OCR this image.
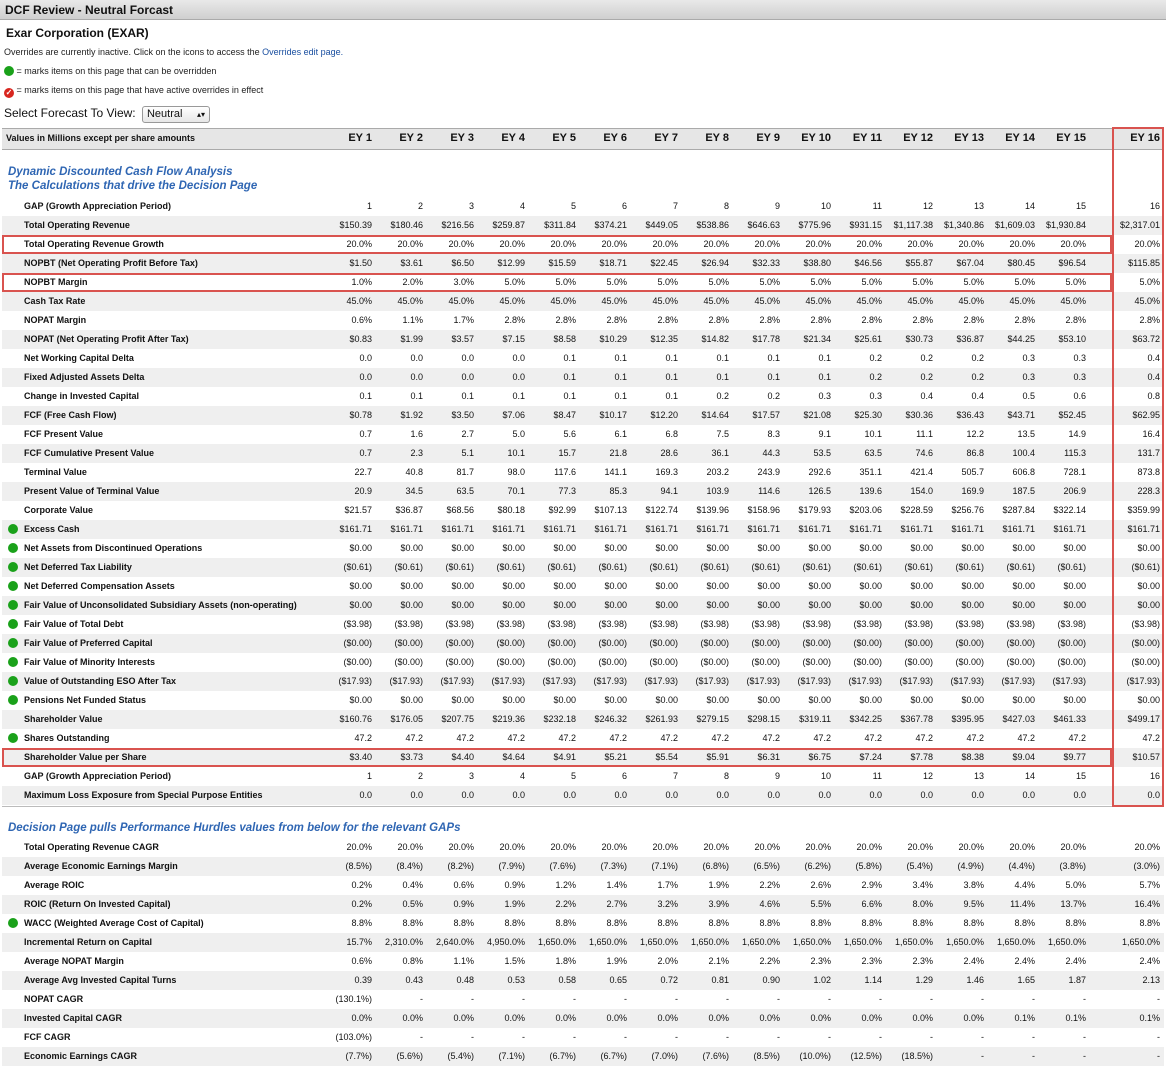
DCF Review - Neutral Forcast
Exar Corporation (EXAR)
Overrides are currently inactive. Click on the icons to access the Overrides edit page.
= marks items on this page that can be overridden
✓ = marks items on this page that have active overrides in effect
Select Forecast To View: Neutral ▴▾
Values in Millions except per share amounts	EY 1	EY 2	EY 3	EY 4	EY 5	EY 6	EY 7	EY 8	EY 9	EY 10	EY 11	EY 12	EY 13	EY 14	EY 15	EY 16
Dynamic Discounted Cash Flow Analysis
The Calculations that drive the Decision Page
Decision Page pulls Performance Hurdles values from below for the relevant GAPs
GAP (Growth Appreciation Period)	1	2	3	4	5	6	7	8	9	10	11	12	13	14	15	16
Total Operating Revenue	$150.39	$180.46	$216.56	$259.87	$311.84	$374.21	$449.05	$538.86	$646.63	$775.96	$931.15	$1,117.38	$1,340.86	$1,609.03	$1,930.84	$2,317.01
Total Operating Revenue Growth	20.0%	20.0%	20.0%	20.0%	20.0%	20.0%	20.0%	20.0%	20.0%	20.0%	20.0%	20.0%	20.0%	20.0%	20.0%	20.0%
NOPBT (Net Operating Profit Before Tax)	$1.50	$3.61	$6.50	$12.99	$15.59	$18.71	$22.45	$26.94	$32.33	$38.80	$46.56	$55.87	$67.04	$80.45	$96.54	$115.85
NOPBT Margin	1.0%	2.0%	3.0%	5.0%	5.0%	5.0%	5.0%	5.0%	5.0%	5.0%	5.0%	5.0%	5.0%	5.0%	5.0%	5.0%
Cash Tax Rate	45.0%	45.0%	45.0%	45.0%	45.0%	45.0%	45.0%	45.0%	45.0%	45.0%	45.0%	45.0%	45.0%	45.0%	45.0%	45.0%
NOPAT Margin	0.6%	1.1%	1.7%	2.8%	2.8%	2.8%	2.8%	2.8%	2.8%	2.8%	2.8%	2.8%	2.8%	2.8%	2.8%	2.8%
NOPAT (Net Operating Profit After Tax)	$0.83	$1.99	$3.57	$7.15	$8.58	$10.29	$12.35	$14.82	$17.78	$21.34	$25.61	$30.73	$36.87	$44.25	$53.10	$63.72
Net Working Capital Delta	0.0	0.0	0.0	0.0	0.1	0.1	0.1	0.1	0.1	0.1	0.2	0.2	0.2	0.3	0.3	0.4
Fixed Adjusted Assets Delta	0.0	0.0	0.0	0.0	0.1	0.1	0.1	0.1	0.1	0.1	0.2	0.2	0.2	0.3	0.3	0.4
Change in Invested Capital	0.1	0.1	0.1	0.1	0.1	0.1	0.1	0.2	0.2	0.3	0.3	0.4	0.4	0.5	0.6	0.8
FCF (Free Cash Flow)	$0.78	$1.92	$3.50	$7.06	$8.47	$10.17	$12.20	$14.64	$17.57	$21.08	$25.30	$30.36	$36.43	$43.71	$52.45	$62.95
FCF Present Value	0.7	1.6	2.7	5.0	5.6	6.1	6.8	7.5	8.3	9.1	10.1	11.1	12.2	13.5	14.9	16.4
FCF Cumulative Present Value	0.7	2.3	5.1	10.1	15.7	21.8	28.6	36.1	44.3	53.5	63.5	74.6	86.8	100.4	115.3	131.7
Terminal Value	22.7	40.8	81.7	98.0	117.6	141.1	169.3	203.2	243.9	292.6	351.1	421.4	505.7	606.8	728.1	873.8
Present Value of Terminal Value	20.9	34.5	63.5	70.1	77.3	85.3	94.1	103.9	114.6	126.5	139.6	154.0	169.9	187.5	206.9	228.3
Corporate Value	$21.57	$36.87	$68.56	$80.18	$92.99	$107.13	$122.74	$139.96	$158.96	$179.93	$203.06	$228.59	$256.76	$287.84	$322.14	$359.99
Excess Cash	$161.71	$161.71	$161.71	$161.71	$161.71	$161.71	$161.71	$161.71	$161.71	$161.71	$161.71	$161.71	$161.71	$161.71	$161.71	$161.71
Net Assets from Discontinued Operations	$0.00	$0.00	$0.00	$0.00	$0.00	$0.00	$0.00	$0.00	$0.00	$0.00	$0.00	$0.00	$0.00	$0.00	$0.00	$0.00
Net Deferred Tax Liability	($0.61)	($0.61)	($0.61)	($0.61)	($0.61)	($0.61)	($0.61)	($0.61)	($0.61)	($0.61)	($0.61)	($0.61)	($0.61)	($0.61)	($0.61)	($0.61)
Net Deferred Compensation Assets	$0.00	$0.00	$0.00	$0.00	$0.00	$0.00	$0.00	$0.00	$0.00	$0.00	$0.00	$0.00	$0.00	$0.00	$0.00	$0.00
Fair Value of Unconsolidated Subsidiary Assets (non-operating)	$0.00	$0.00	$0.00	$0.00	$0.00	$0.00	$0.00	$0.00	$0.00	$0.00	$0.00	$0.00	$0.00	$0.00	$0.00	$0.00
Fair Value of Total Debt	($3.98)	($3.98)	($3.98)	($3.98)	($3.98)	($3.98)	($3.98)	($3.98)	($3.98)	($3.98)	($3.98)	($3.98)	($3.98)	($3.98)	($3.98)	($3.98)
Fair Value of Preferred Capital	($0.00)	($0.00)	($0.00)	($0.00)	($0.00)	($0.00)	($0.00)	($0.00)	($0.00)	($0.00)	($0.00)	($0.00)	($0.00)	($0.00)	($0.00)	($0.00)
Fair Value of Minority Interests	($0.00)	($0.00)	($0.00)	($0.00)	($0.00)	($0.00)	($0.00)	($0.00)	($0.00)	($0.00)	($0.00)	($0.00)	($0.00)	($0.00)	($0.00)	($0.00)
Value of Outstanding ESO After Tax	($17.93)	($17.93)	($17.93)	($17.93)	($17.93)	($17.93)	($17.93)	($17.93)	($17.93)	($17.93)	($17.93)	($17.93)	($17.93)	($17.93)	($17.93)	($17.93)
Pensions Net Funded Status	$0.00	$0.00	$0.00	$0.00	$0.00	$0.00	$0.00	$0.00	$0.00	$0.00	$0.00	$0.00	$0.00	$0.00	$0.00	$0.00
Shareholder Value	$160.76	$176.05	$207.75	$219.36	$232.18	$246.32	$261.93	$279.15	$298.15	$319.11	$342.25	$367.78	$395.95	$427.03	$461.33	$499.17
Shares Outstanding	47.2	47.2	47.2	47.2	47.2	47.2	47.2	47.2	47.2	47.2	47.2	47.2	47.2	47.2	47.2	47.2
Shareholder Value per Share	$3.40	$3.73	$4.40	$4.64	$4.91	$5.21	$5.54	$5.91	$6.31	$6.75	$7.24	$7.78	$8.38	$9.04	$9.77	$10.57
GAP (Growth Appreciation Period)	1	2	3	4	5	6	7	8	9	10	11	12	13	14	15	16
Maximum Loss Exposure from Special Purpose Entities	0.0	0.0	0.0	0.0	0.0	0.0	0.0	0.0	0.0	0.0	0.0	0.0	0.0	0.0	0.0	0.0
Total Operating Revenue CAGR	20.0%	20.0%	20.0%	20.0%	20.0%	20.0%	20.0%	20.0%	20.0%	20.0%	20.0%	20.0%	20.0%	20.0%	20.0%	20.0%
Average Economic Earnings Margin	(8.5%)	(8.4%)	(8.2%)	(7.9%)	(7.6%)	(7.3%)	(7.1%)	(6.8%)	(6.5%)	(6.2%)	(5.8%)	(5.4%)	(4.9%)	(4.4%)	(3.8%)	(3.0%)
Average ROIC	0.2%	0.4%	0.6%	0.9%	1.2%	1.4%	1.7%	1.9%	2.2%	2.6%	2.9%	3.4%	3.8%	4.4%	5.0%	5.7%
ROIC (Return On Invested Capital)	0.2%	0.5%	0.9%	1.9%	2.2%	2.7%	3.2%	3.9%	4.6%	5.5%	6.6%	8.0%	9.5%	11.4%	13.7%	16.4%
WACC (Weighted Average Cost of Capital)	8.8%	8.8%	8.8%	8.8%	8.8%	8.8%	8.8%	8.8%	8.8%	8.8%	8.8%	8.8%	8.8%	8.8%	8.8%	8.8%
Incremental Return on Capital	15.7%	2,310.0%	2,640.0%	4,950.0%	1,650.0%	1,650.0%	1,650.0%	1,650.0%	1,650.0%	1,650.0%	1,650.0%	1,650.0%	1,650.0%	1,650.0%	1,650.0%	1,650.0%
Average NOPAT Margin	0.6%	0.8%	1.1%	1.5%	1.8%	1.9%	2.0%	2.1%	2.2%	2.3%	2.3%	2.3%	2.4%	2.4%	2.4%	2.4%
Average Avg Invested Capital Turns	0.39	0.43	0.48	0.53	0.58	0.65	0.72	0.81	0.90	1.02	1.14	1.29	1.46	1.65	1.87	2.13
NOPAT CAGR	(130.1%)	-	-	-	-	-	-	-	-	-	-	-	-	-	-	-
Invested Capital CAGR	0.0%	0.0%	0.0%	0.0%	0.0%	0.0%	0.0%	0.0%	0.0%	0.0%	0.0%	0.0%	0.0%	0.1%	0.1%	0.1%
FCF CAGR	(103.0%)	-	-	-	-	-	-	-	-	-	-	-	-	-	-	-
Economic Earnings CAGR	(7.7%)	(5.6%)	(5.4%)	(7.1%)	(6.7%)	(6.7%)	(7.0%)	(7.6%)	(8.5%)	(10.0%)	(12.5%)	(18.5%)	-	-	-	-
